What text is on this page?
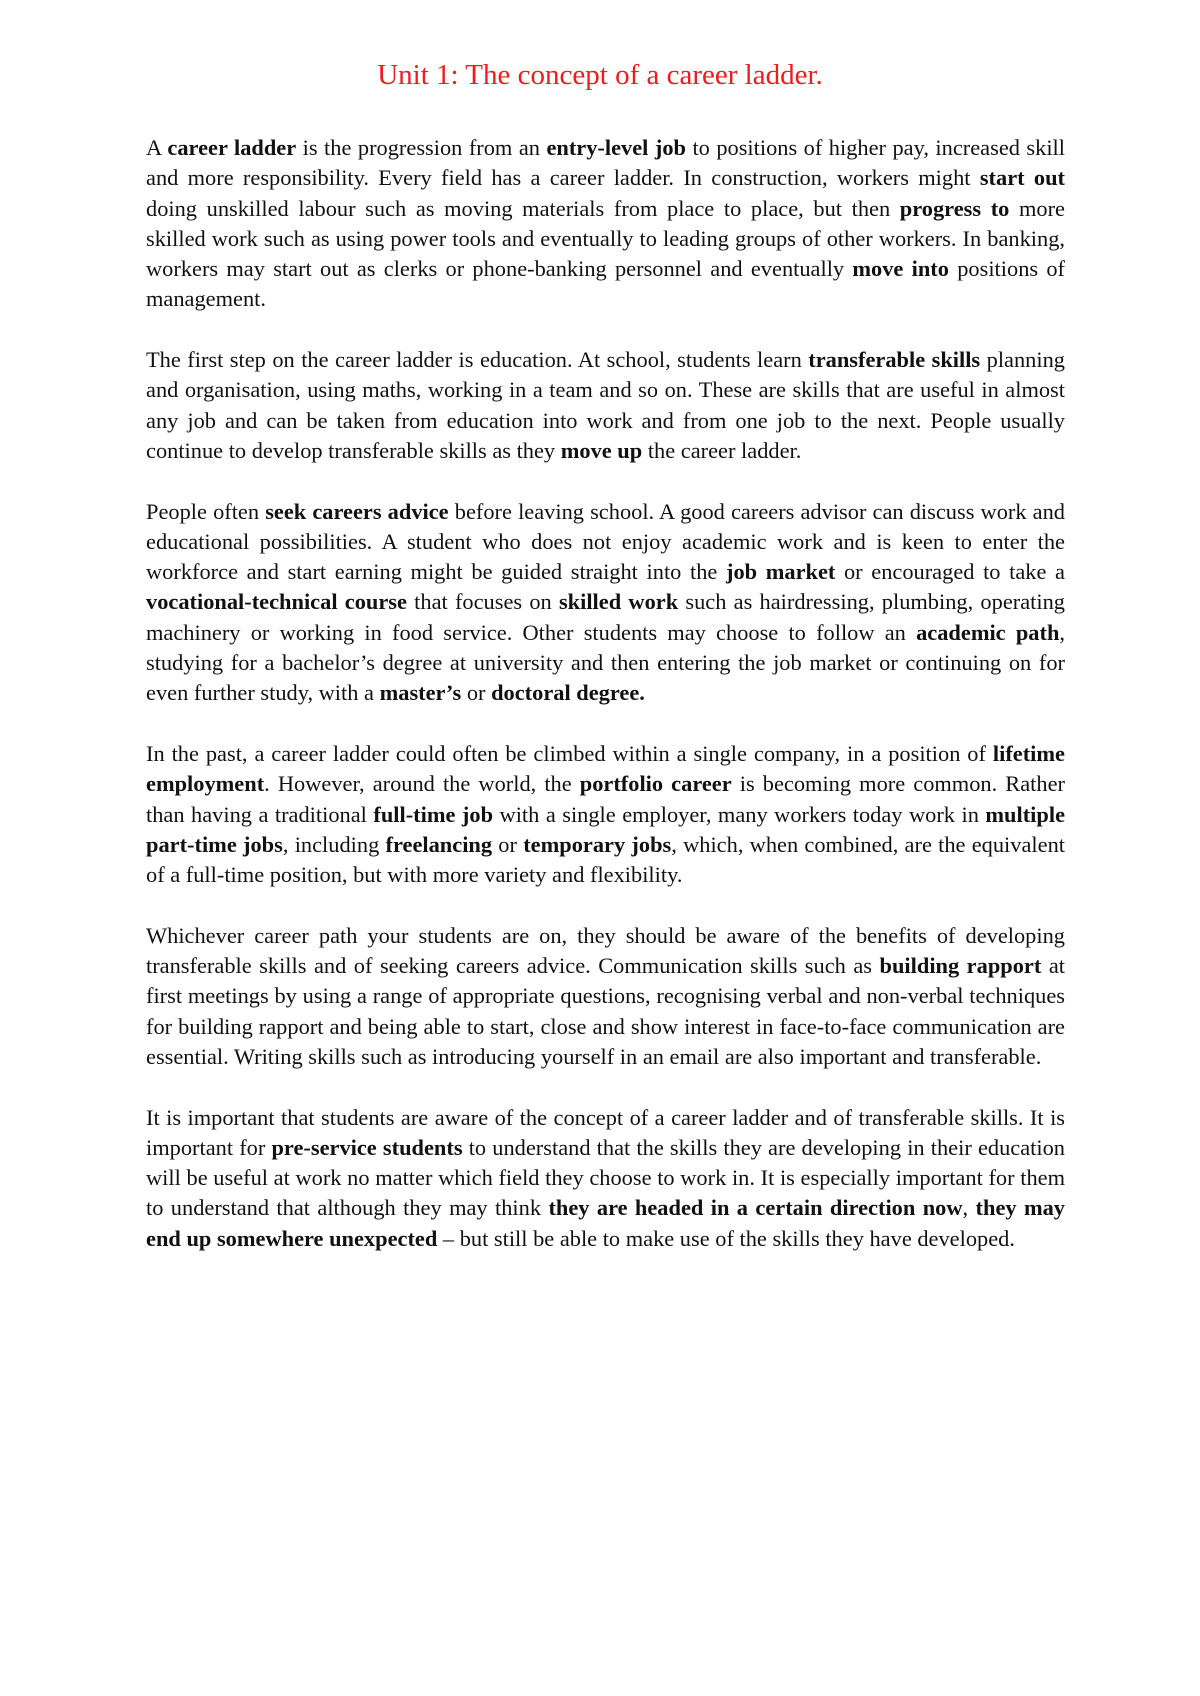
Unit 1: The concept of a career ladder.

A career ladder is the progression from an entry-level job to positions of higher pay, increased skill and more responsibility. Every field has a career ladder. In construction, workers might start out doing unskilled labour such as moving materials from place to place, but then progress to more skilled work such as using power tools and eventually to leading groups of other workers. In banking, workers may start out as clerks or phone-banking personnel and eventually move into positions of management.

The first step on the career ladder is education. At school, students learn transferable skills planning and organisation, using maths, working in a team and so on. These are skills that are useful in almost any job and can be taken from education into work and from one job to the next. People usually continue to develop transferable skills as they move up the career ladder.

People often seek careers advice before leaving school. A good careers advisor can discuss work and educational possibilities. A student who does not enjoy academic work and is keen to enter the workforce and start earning might be guided straight into the job market or encouraged to take a vocational-technical course that focuses on skilled work such as hairdressing, plumbing, operating machinery or working in food service. Other students may choose to follow an academic path, studying for a bachelor’s degree at university and then entering the job market or continuing on for even further study, with a master’s or doctoral degree.

In the past, a career ladder could often be climbed within a single company, in a position of lifetime employment. However, around the world, the portfolio career is becoming more common. Rather than having a traditional full-time job with a single employer, many workers today work in multiple part-time jobs, including freelancing or temporary jobs, which, when combined, are the equivalent of a full-time position, but with more variety and flexibility.

Whichever career path your students are on, they should be aware of the benefits of developing transferable skills and of seeking careers advice. Communication skills such as building rapport at first meetings by using a range of appropriate questions, recognising verbal and non-verbal techniques for building rapport and being able to start, close and show interest in face-to-face communication are essential. Writing skills such as introducing yourself in an email are also important and transferable.

It is important that students are aware of the concept of a career ladder and of transferable skills. It is important for pre-service students to understand that the skills they are developing in their education will be useful at work no matter which field they choose to work in. It is especially important for them to understand that although they may think they are headed in a certain direction now, they may end up somewhere unexpected – but still be able to make use of the skills they have developed.
